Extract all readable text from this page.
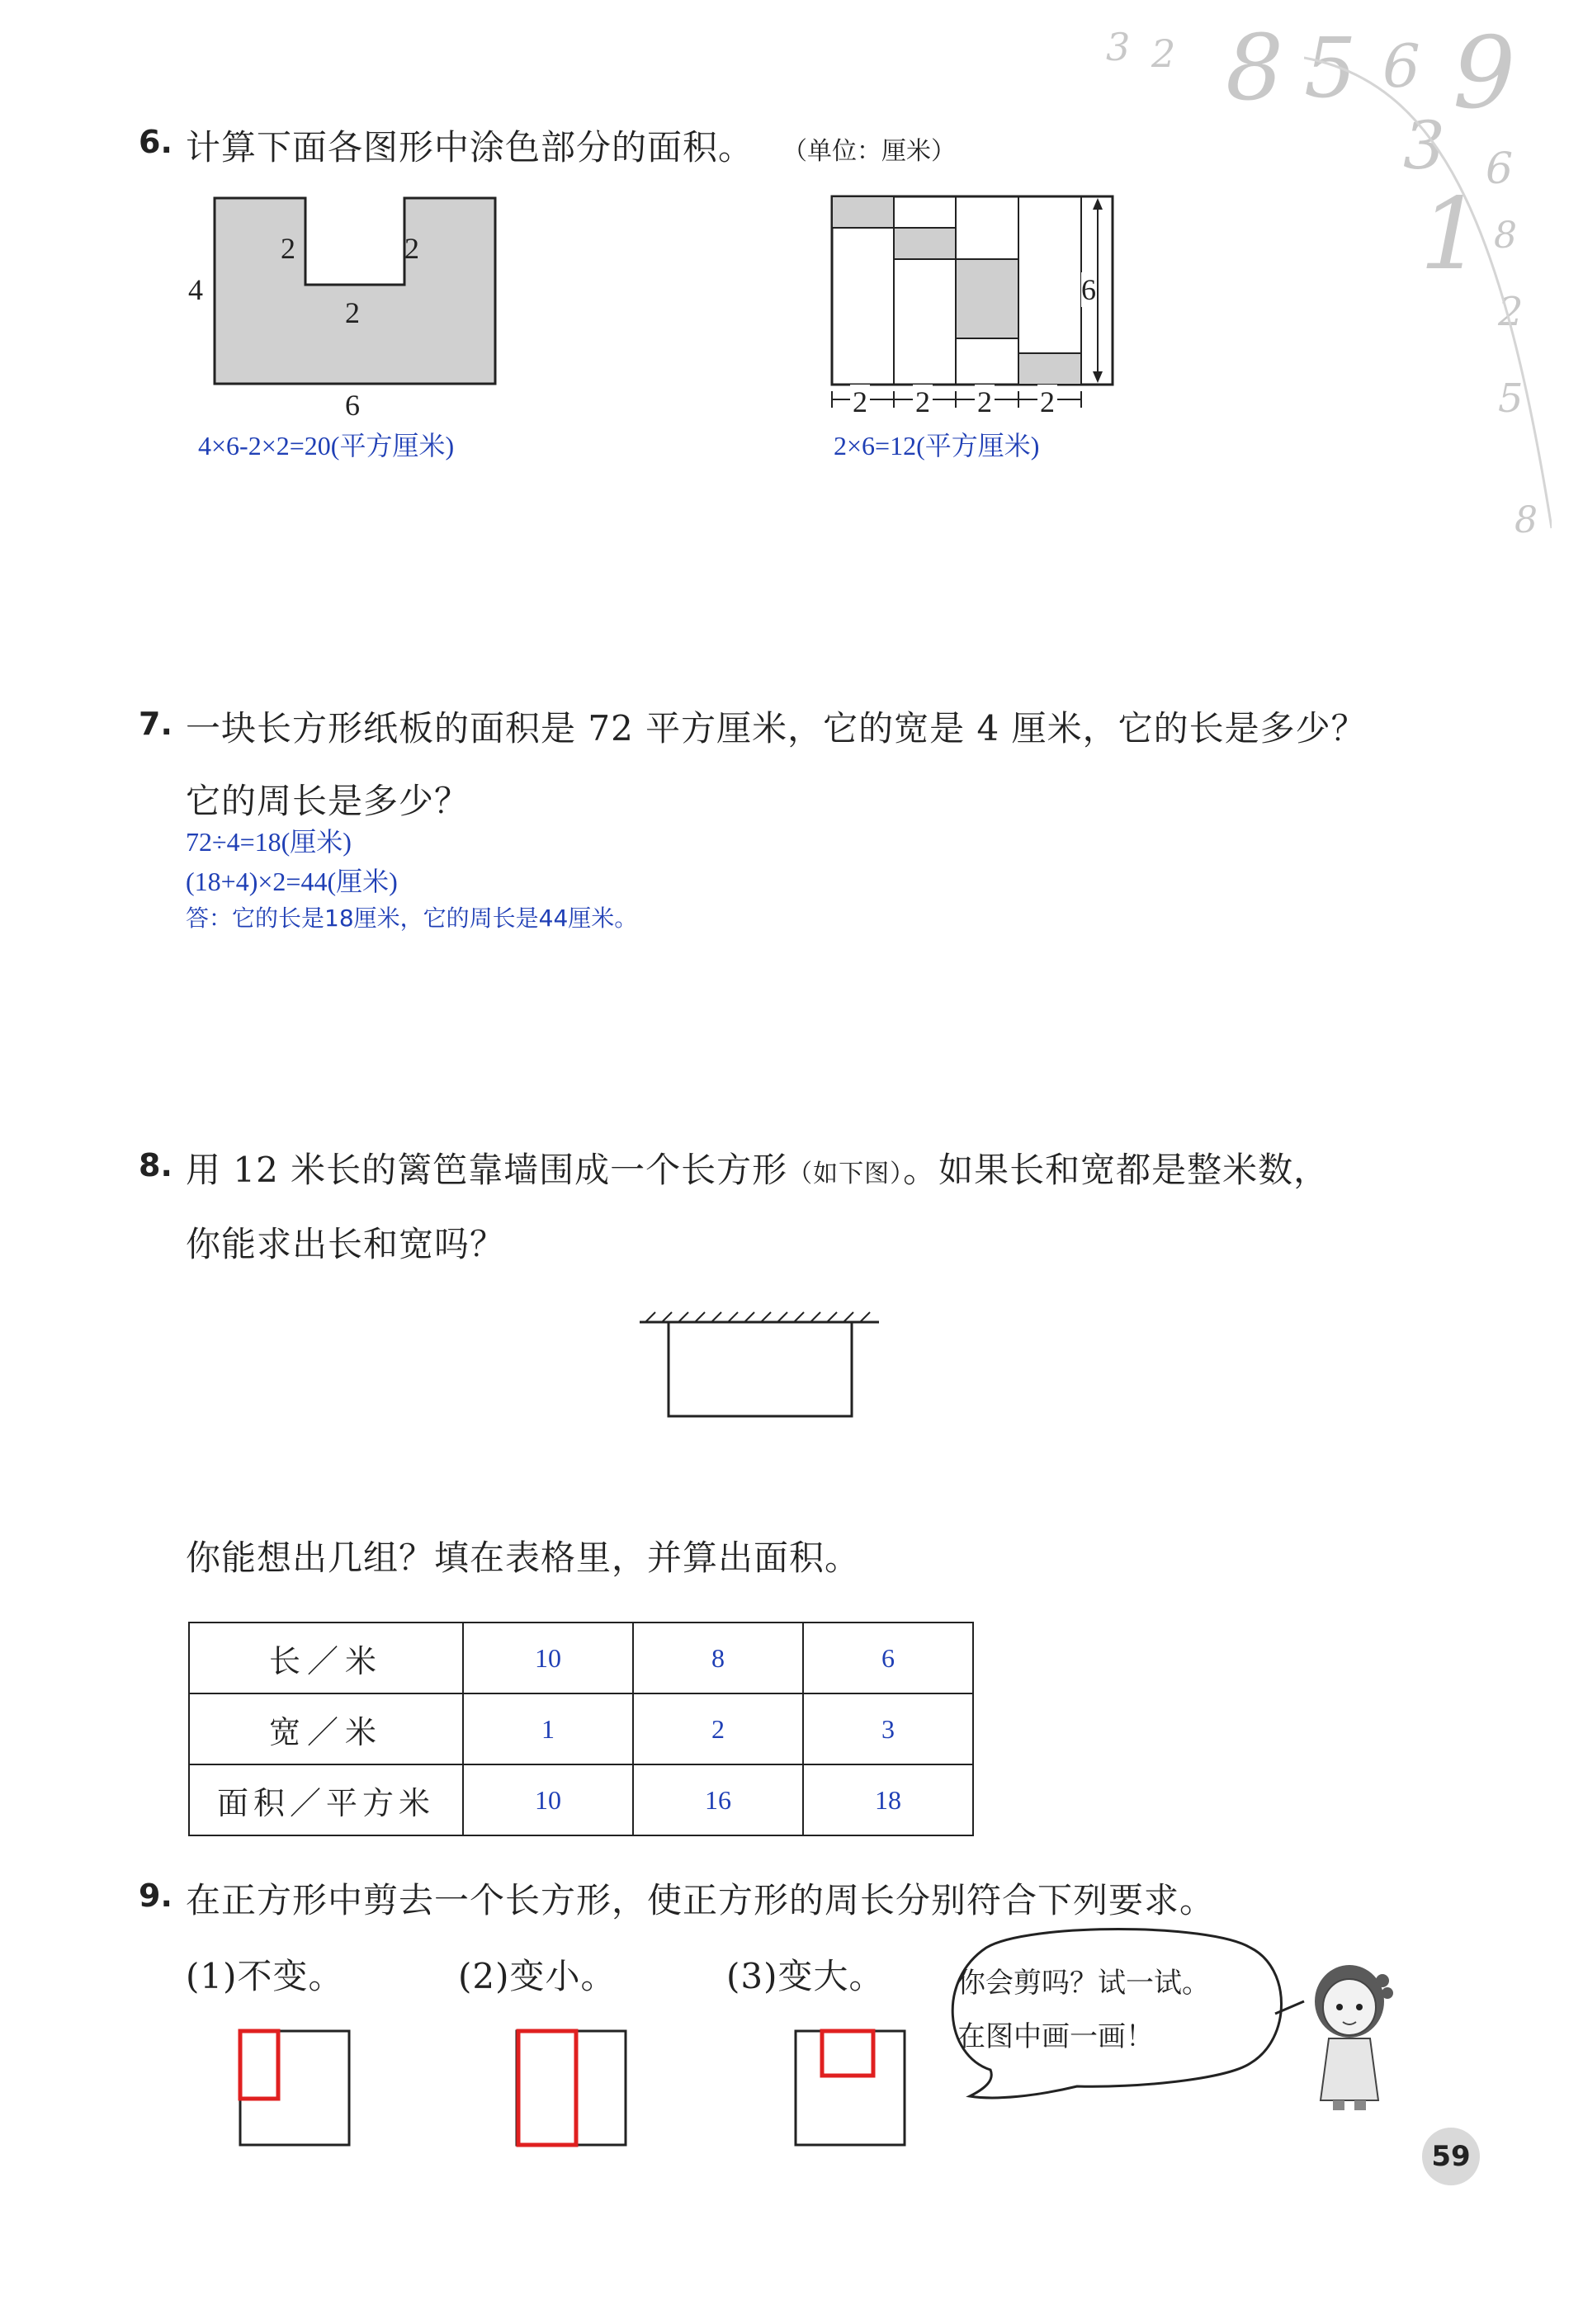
3 2 8 5 6 9
3 6
1 8
2
5
8
6. 计算下面各图形中涂色部分的面积。 （单位：厘米）
4
2	2
2
6
4×6-2×2=20(平方厘米)
6
2 2 2 2
2×6=12(平方厘米)
7. 一块长方形纸板的面积是 72 平方厘米，它的宽是 4 厘米，它的长是多少？
它的周长是多少？
72÷4=18(厘米)
(18+4)×2=44(厘米)
答：它的长是18厘米，它的周长是44厘米。
8. 用 12 米长的篱笆靠墙围成一个长方形（如下图）。如果长和宽都是整米数，
你能求出长和宽吗？
你能想出几组？填在表格里，并算出面积。
长／米	10	8	6
宽／米	1	2	3
面积／平方米	10	16	18
9. 在正方形中剪去一个长方形，使正方形的周长分别符合下列要求。
(1)不变。	(2)变小。	(3)变大。	你会剪吗？试一试。
在图中画一画！
59
